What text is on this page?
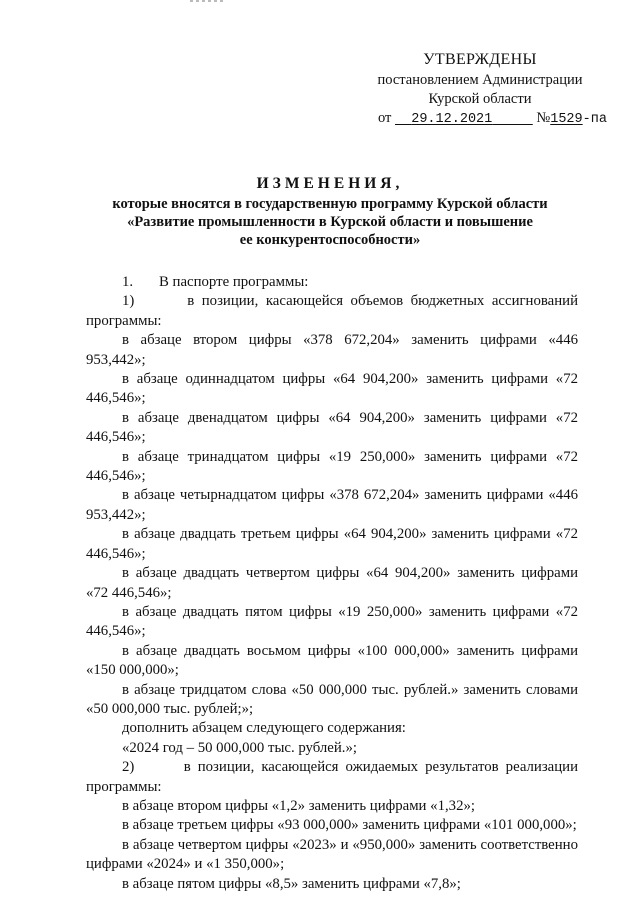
УТВЕРЖДЕНЫ
постановлением Администрации
Курской области
от 29.12.2021	№1529-па
ИЗМЕНЕНИЯ,
которые вносятся в государственную программу Курской области
«Развитие промышленности в Курской области и повышение
ее конкурентоспособности»

1.       В паспорте программы:

1)       в позиции, касающейся объемов бюджетных ассигнований программы:

в абзаце втором цифры «378 672,204» заменить цифрами «446 953,442»;

в абзаце одиннадцатом цифры «64 904,200» заменить цифрами «72 446,546»;

в абзаце двенадцатом цифры «64 904,200» заменить цифрами «72 446,546»;

в абзаце тринадцатом цифры «19 250,000» заменить цифрами «72 446,546»;

в абзаце четырнадцатом цифры «378 672,204» заменить цифрами «446 953,442»;

в абзаце двадцать третьем цифры «64 904,200» заменить цифрами «72 446,546»;

в абзаце двадцать четвертом цифры «64 904,200» заменить цифрами «72 446,546»;

в абзаце двадцать пятом цифры «19 250,000» заменить цифрами «72 446,546»;

в абзаце двадцать восьмом цифры «100 000,000» заменить цифрами «150 000,000»;

в абзаце тридцатом слова «50 000,000 тыс. рублей.» заменить словами «50 000,000 тыс. рублей;»;

дополнить абзацем следующего содержания:

«2024 год – 50 000,000 тыс. рублей.»;

2)       в позиции, касающейся ожидаемых результатов реализации программы:

в абзаце втором цифры «1,2» заменить цифрами «1,32»;

в абзаце третьем цифры «93 000,000» заменить цифрами «101 000,000»;

в абзаце четвертом цифры «2023» и «950,000» заменить соответственно цифрами «2024» и «1 350,000»;

в абзаце пятом цифры «8,5» заменить цифрами «7,8»;
